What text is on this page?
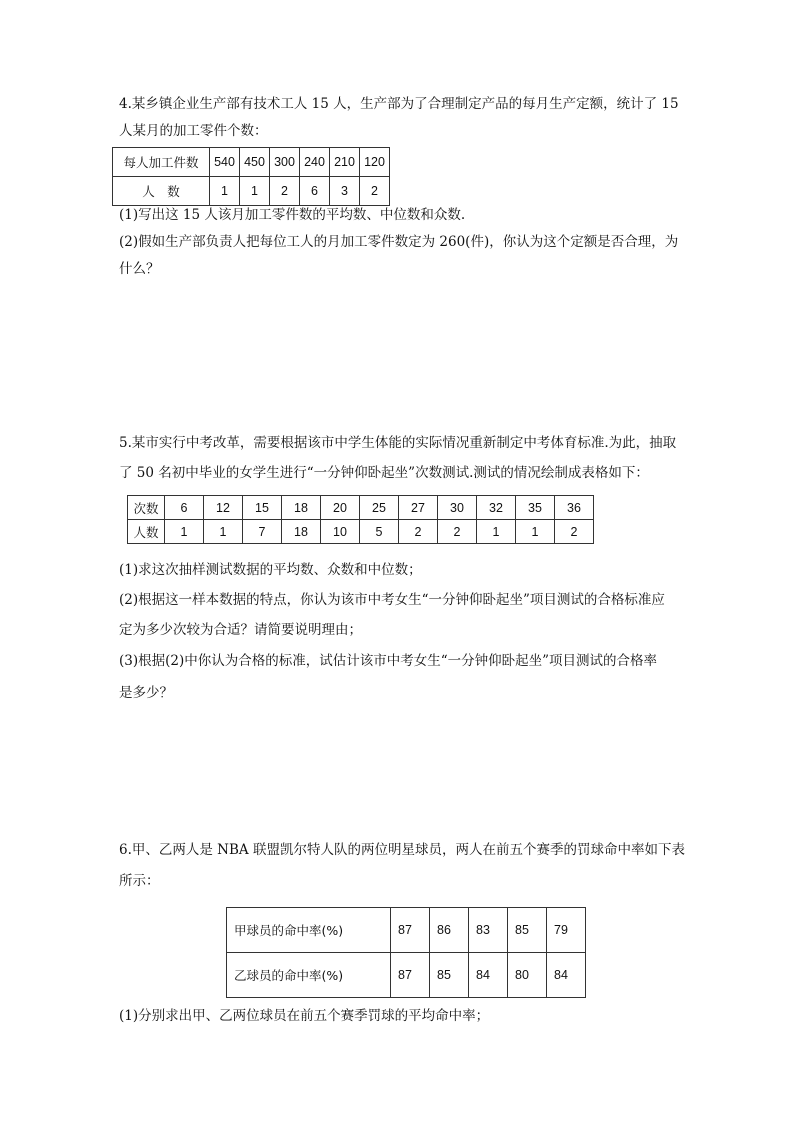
4.某乡镇企业生产部有技术工人 15 人，生产部为了合理制定产品的每月生产定额，统计了 15
人某月的加工零件个数：
每人加工件数	540	450	300	240	210	120
人　数	1	1	2	6	3	2
(1)写出这 15 人该月加工零件数的平均数、中位数和众数.
(2)假如生产部负责人把每位工人的月加工零件数定为 260(件)，你认为这个定额是否合理，为
什么？
5.某市实行中考改革，需要根据该市中学生体能的实际情况重新制定中考体育标准.为此，抽取
了 50 名初中毕业的女学生进行“一分钟仰卧起坐”次数测试.测试的情况绘制成表格如下：
次数	6	12	15	18	20	25	27	30	32	35	36
人数	1	1	7	18	10	5	2	2	1	1	2
(1)求这次抽样测试数据的平均数、众数和中位数；
(2)根据这一样本数据的特点，你认为该市中考女生“一分钟仰卧起坐”项目测试的合格标准应
定为多少次较为合适？请简要说明理由；
(3)根据(2)中你认为合格的标准，试估计该市中考女生“一分钟仰卧起坐”项目测试的合格率
是多少？
6.甲、乙两人是 NBA 联盟凯尔特人队的两位明星球员，两人在前五个赛季的罚球命中率如下表
所示：
甲球员的命中率(%)	87	86	83	85	79
乙球员的命中率(%)	87	85	84	80	84
(1)分别求出甲、乙两位球员在前五个赛季罚球的平均命中率；
